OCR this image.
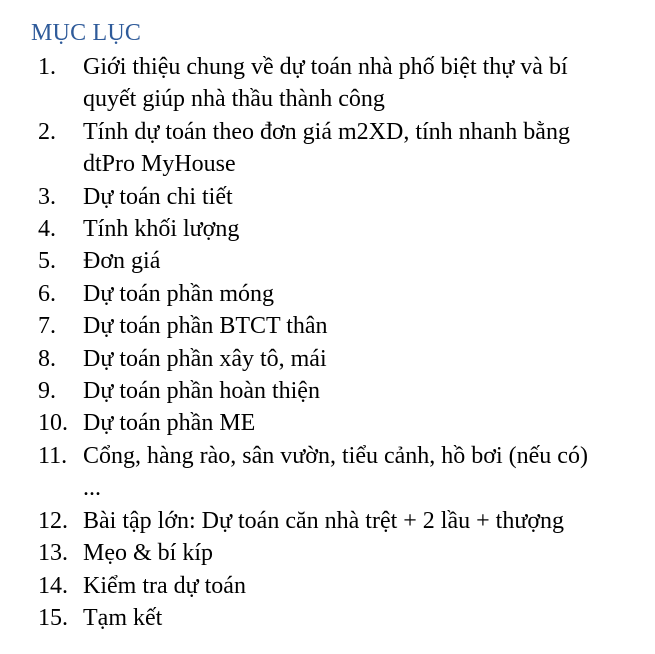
MỤC LỤC
1. Giới thiệu chung về dự toán nhà phố biệt thự và bí
quyết giúp nhà thầu thành công
2. Tính dự toán theo đơn giá m2XD, tính nhanh bằng
dtPro MyHouse
3. Dự toán chi tiết
4. Tính khối lượng
5. Đơn giá
6. Dự toán phần móng
7. Dự toán phần BTCT thân
8. Dự toán phần xây tô, mái
9. Dự toán phần hoàn thiện
10. Dự toán phần ME
11. Cổng, hàng rào, sân vườn, tiểu cảnh, hồ bơi (nếu có)
...
12. Bài tập lớn: Dự toán căn nhà trệt + 2 lầu + thượng
13. Mẹo & bí kíp
14. Kiểm tra dự toán
15. Tạm kết
